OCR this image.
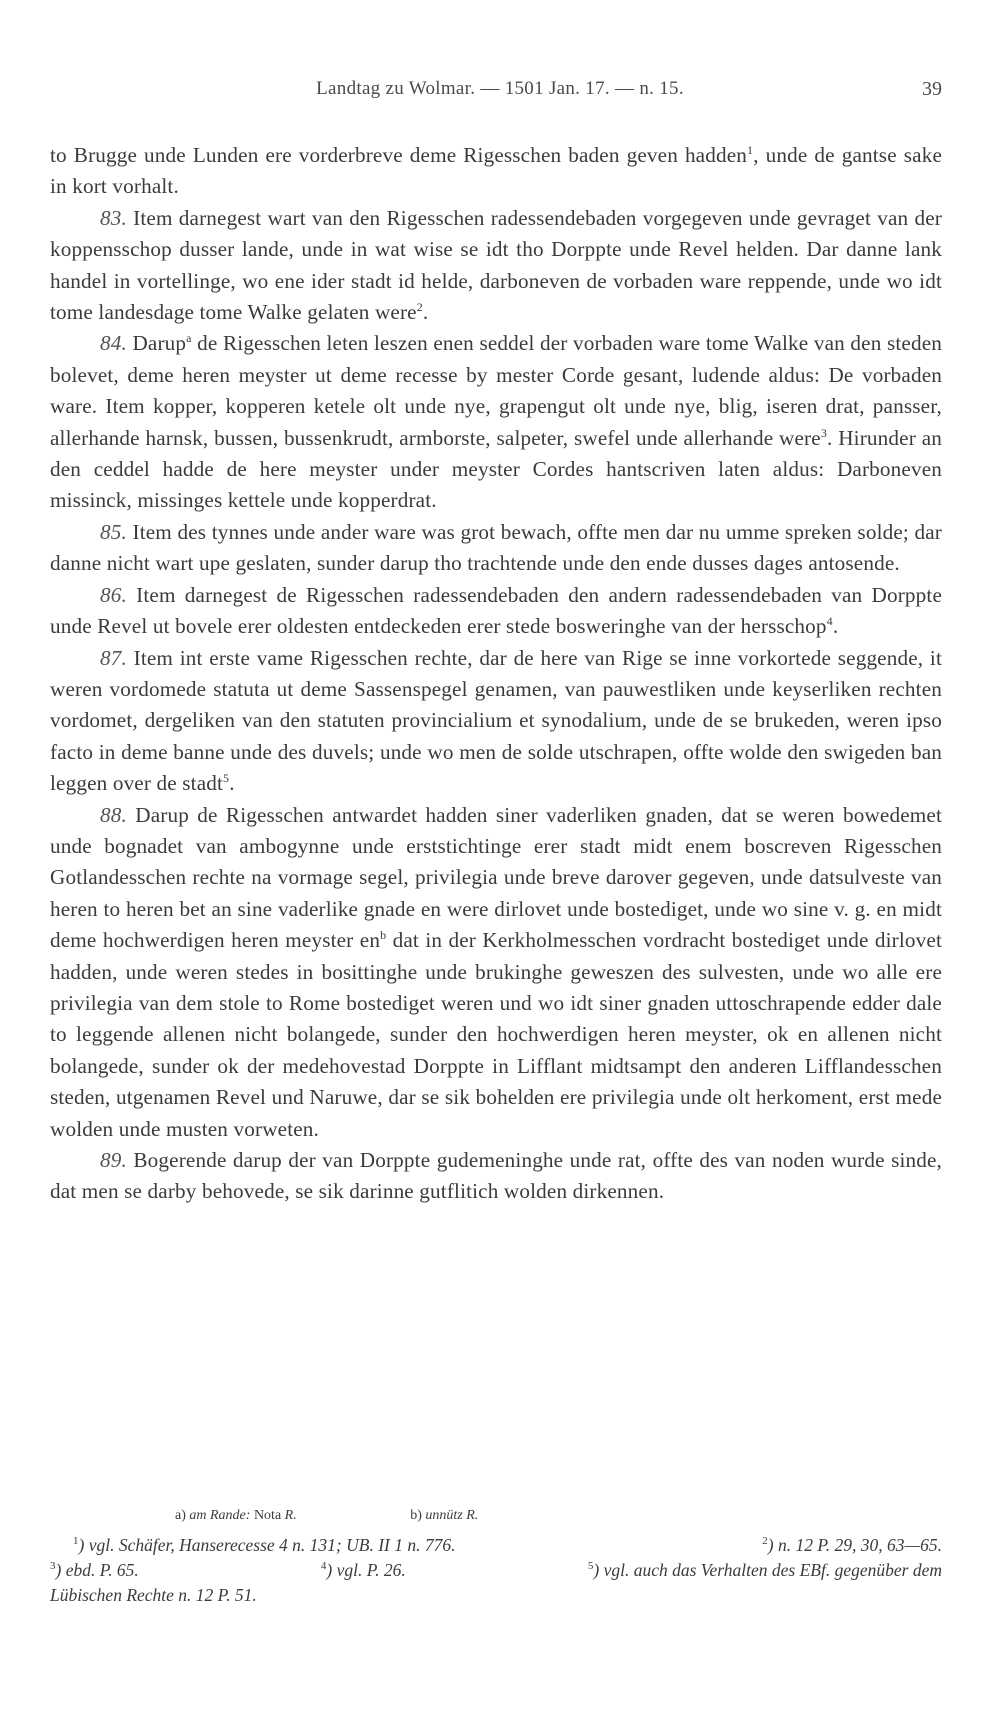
Landtag zu Wolmar. — 1501 Jan. 17. — n. 15.	39

to Brugge unde Lunden ere vorderbreve deme Rigesschen baden geven hadden$^1$, unde de gantse sake in kort vorhalt.

83. Item darnegest wart van den Rigesschen radessendebaden vorgegeven unde gevraget van der koppensschop dusser lande, unde in wat wise se idt tho Dorppte unde Revel helden. Dar danne lank handel in vortellinge, wo ene ider stadt id helde, darboneven de vorbaden ware reppende, unde wo idt tome landesdage tome Walke gelaten were$^2$.

84. Darup$^a$ de Rigesschen leten leszen enen seddel der vorbaden ware tome Walke van den steden bolevet, deme heren meyster ut deme recesse by mester Corde gesant, ludende aldus: De vorbaden ware. Item kopper, kopperen ketele olt unde nye, grapengut olt unde nye, blig, iseren drat, pansser, allerhande harnsk, bussen, bussenkrudt, armborste, salpeter, swefel unde allerhande were$^3$. Hirunder an den ceddel hadde de here meyster under meyster Cordes hantscriven laten aldus: Darboneven missinck, missinges kettele unde kopperdrat.

85. Item des tynnes unde ander ware was grot bewach, offte men dar nu umme spreken solde; dar danne nicht wart upe geslaten, sunder darup tho trachtende unde den ende dusses dages antosende.

86. Item darnegest de Rigesschen radessendebaden den andern radessendebaden van Dorppte unde Revel ut bovele erer oldesten entdeckeden erer stede bosweringhe van der hersschop$^4$.

87. Item int erste vame Rigesschen rechte, dar de here van Rige se inne vorkortede seggende, it weren vordomede statuta ut deme Sassenspegel genamen, van pauwestliken unde keyserliken rechten vordomet, dergeliken van den statuten provincialium et synodalium, unde de se brukeden, weren ipso facto in deme banne unde des duvels; unde wo men de solde utschrapen, offte wolde den swigeden ban leggen over de stadt$^5$.

88. Darup de Rigesschen antwardet hadden siner vaderliken gnaden, dat se weren bowedemet unde bognadet van ambogynne unde erststichtinge erer stadt midt enem boscreven Rigesschen Gotlandesschen rechte na vormage segel, privilegia unde breve darover gegeven, unde datsulveste van heren to heren bet an sine vaderlike gnade en were dirlovet unde bostediget, unde wo sine v. g. en midt deme hochwerdigen heren meyster $en^b$ dat in der Kerkholmesschen vordracht bostediget unde dirlovet hadden, unde weren stedes in bosittinghe unde brukinghe geweszen des sulvesten, unde wo alle ere privilegia van dem stole to Rome bostediget weren und wo idt siner gnaden uttoschrapende edder dale to leggende allenen nicht bolangede, sunder den hochwerdigen heren meyster, ok en allenen nicht bolangede, sunder ok der medehovestad Dorppte in Lifflant midtsampt den anderen Lifflandesschen steden, utgenamen Revel und Naruwe, dar se sik bohelden ere privilegia unde olt herkoment, erst mede wolden unde musten vorweten.

89. Bogerende darup der van Dorppte gudemeninghe unde rat, offte des van noden wurde sinde, dat men se darby behovede, se sik darinne gutflitich wolden dirkennen.

a) am Rande: Nota R.	b) unnütz R.
$^1$) vgl. Schäfer, Hanserecesse 4 n. 131; UB. II 1 n. 776.	$^2$) n. 12 P. 29, 30, 63—65.
$^3$) ebd. P. 65.	$^4$) vgl. P. 26.	$^5$) vgl. auch das Verhalten des EBf. gegenüber dem
Lübischen Rechte n. 12 P. 51.
